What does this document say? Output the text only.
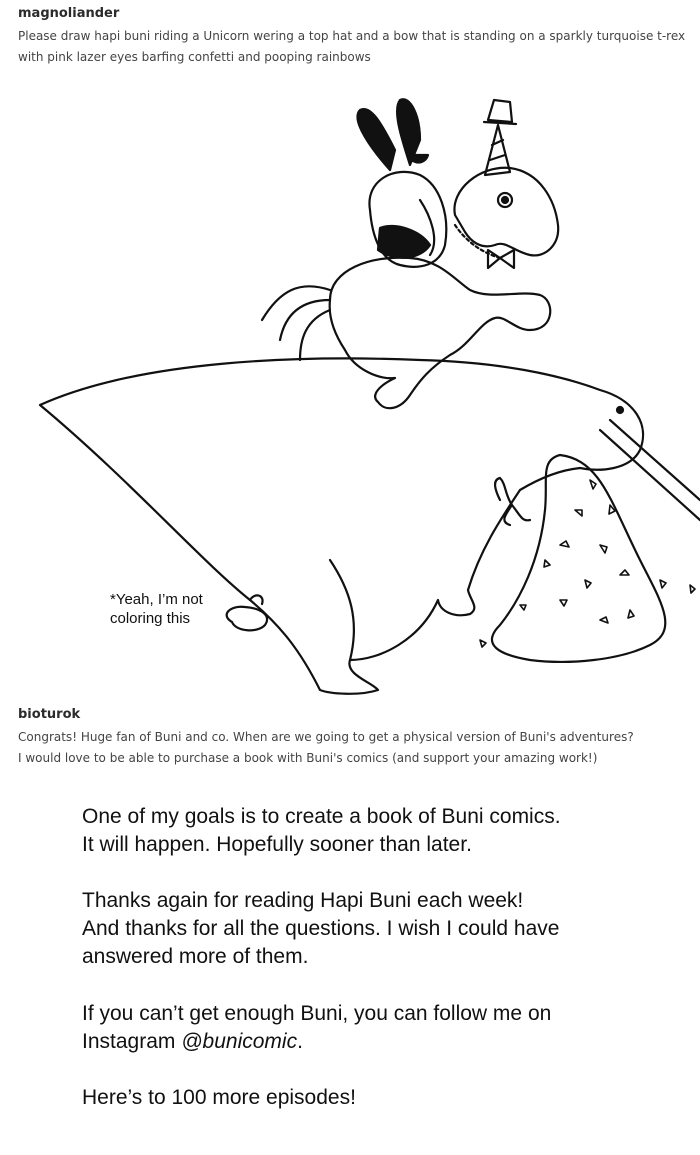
magnoliander
Please draw hapi buni riding a Unicorn wering a top hat and a bow that is standing on a sparkly turquoise t-rex
with pink lazer eyes barfing confetti and pooping rainbows
*Yeah, I’m not
coloring this
bioturok
Congrats! Huge fan of Buni and co. When are we going to get a physical version of Buni's adventures?
I would love to be able to purchase a book with Buni's comics (and support your amazing work!)

One of my goals is to create a book of Buni comics.

It will happen. Hopefully sooner than later.

Thanks again for reading Hapi Buni each week!

And thanks for all the questions. I wish I could have

answered more of them.

If you can’t get enough Buni, you can follow me on

Instagram @bunicomic.

Here’s to 100 more episodes!
